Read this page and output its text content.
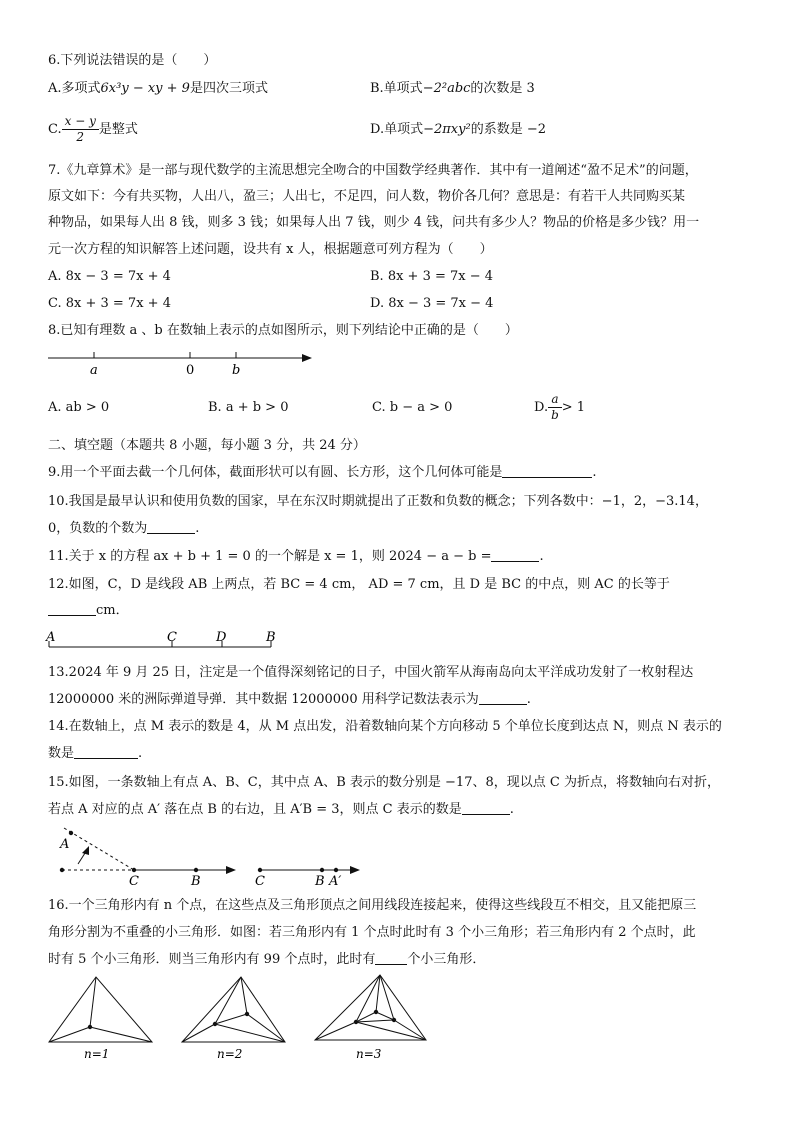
6.下列说法错误的是（　　）
A.多项式6x³y − xy + 9是四次三项式	B.单项式−2²abc的次数是 3
C. $\frac{x - y}{2}$ 是整式	D.单项式−2πxy²的系数是 −2
7.《九章算术》是一部与现代数学的主流思想完全吻合的中国数学经典著作．其中有一道阐述“盈不足术”的问题，
原文如下：今有共买物，人出八，盈三；人出七，不足四，问人数，物价各几何？意思是：有若干人共同购买某
种物品，如果每人出 8 钱，则多 3 钱；如果每人出 7 钱，则少 4 钱，问共有多少人？物品的价格是多少钱？用一
元一次方程的知识解答上述问题，设共有 x 人，根据题意可列方程为（　　）
A. 8x − 3 = 7x + 4	B. 8x + 3 = 7x − 4
C. 8x + 3 = 7x + 4	D. 8x − 3 = 7x − 4
8.已知有理数 a 、b 在数轴上表示的点如图所示，则下列结论中正确的是（　　）
a	0	b
A. ab > 0	B. a + b > 0	C. b − a > 0	D. $\frac{a}{b} > 1$
二、填空题（本题共 8 小题，每小题 3 分，共 24 分）
9.用一个平面去截一个几何体，截面形状可以有圆、长方形，这个几何体可能是	.
10.我国是最早认识和使用负数的国家，早在东汉时期就提出了正数和负数的概念；下列各数中：−1，2，−3.14，
0，负数的个数为	.
11.关于 x 的方程 ax + b + 1 = 0 的一个解是 x = 1，则 2024 − a − b =	.
12.如图，C，D 是线段 AB 上两点，若 BC = 4 cm， AD = 7 cm，且 D 是 BC 的中点，则 AC 的长等于
cm．
A	C	D	B
13.2024 年 9 月 25 日，注定是一个值得深刻铭记的日子，中国火箭军从海南岛向太平洋成功发射了一枚射程达
12000000 米的洲际弹道导弹．其中数据 12000000 用科学记数法表示为	.
14.在数轴上，点 M 表示的数是 4，从 M 点出发，沿着数轴向某个方向移动 5 个单位长度到达点 N，则点 N 表示的
数是	.
15.如图，一条数轴上有点 A、B、C，其中点 A、B 表示的数分别是 −17、8，现以点 C 为折点，将数轴向右对折，
若点 A 对应的点 A′ 落在点 B 的右边，且 A′B = 3，则点 C 表示的数是	.
A
C	B	C	B A′
16.一个三角形内有 n 个点，在这些点及三角形顶点之间用线段连接起来，使得这些线段互不相交，且又能把原三
角形分割为不重叠的小三角形．如图：若三角形内有 1 个点时此时有 3 个小三角形；若三角形内有 2 个点时，此
时有 5 个小三角形．则当三角形内有 99 个点时，此时有 个小三角形．
n=1	n=2	n=3
